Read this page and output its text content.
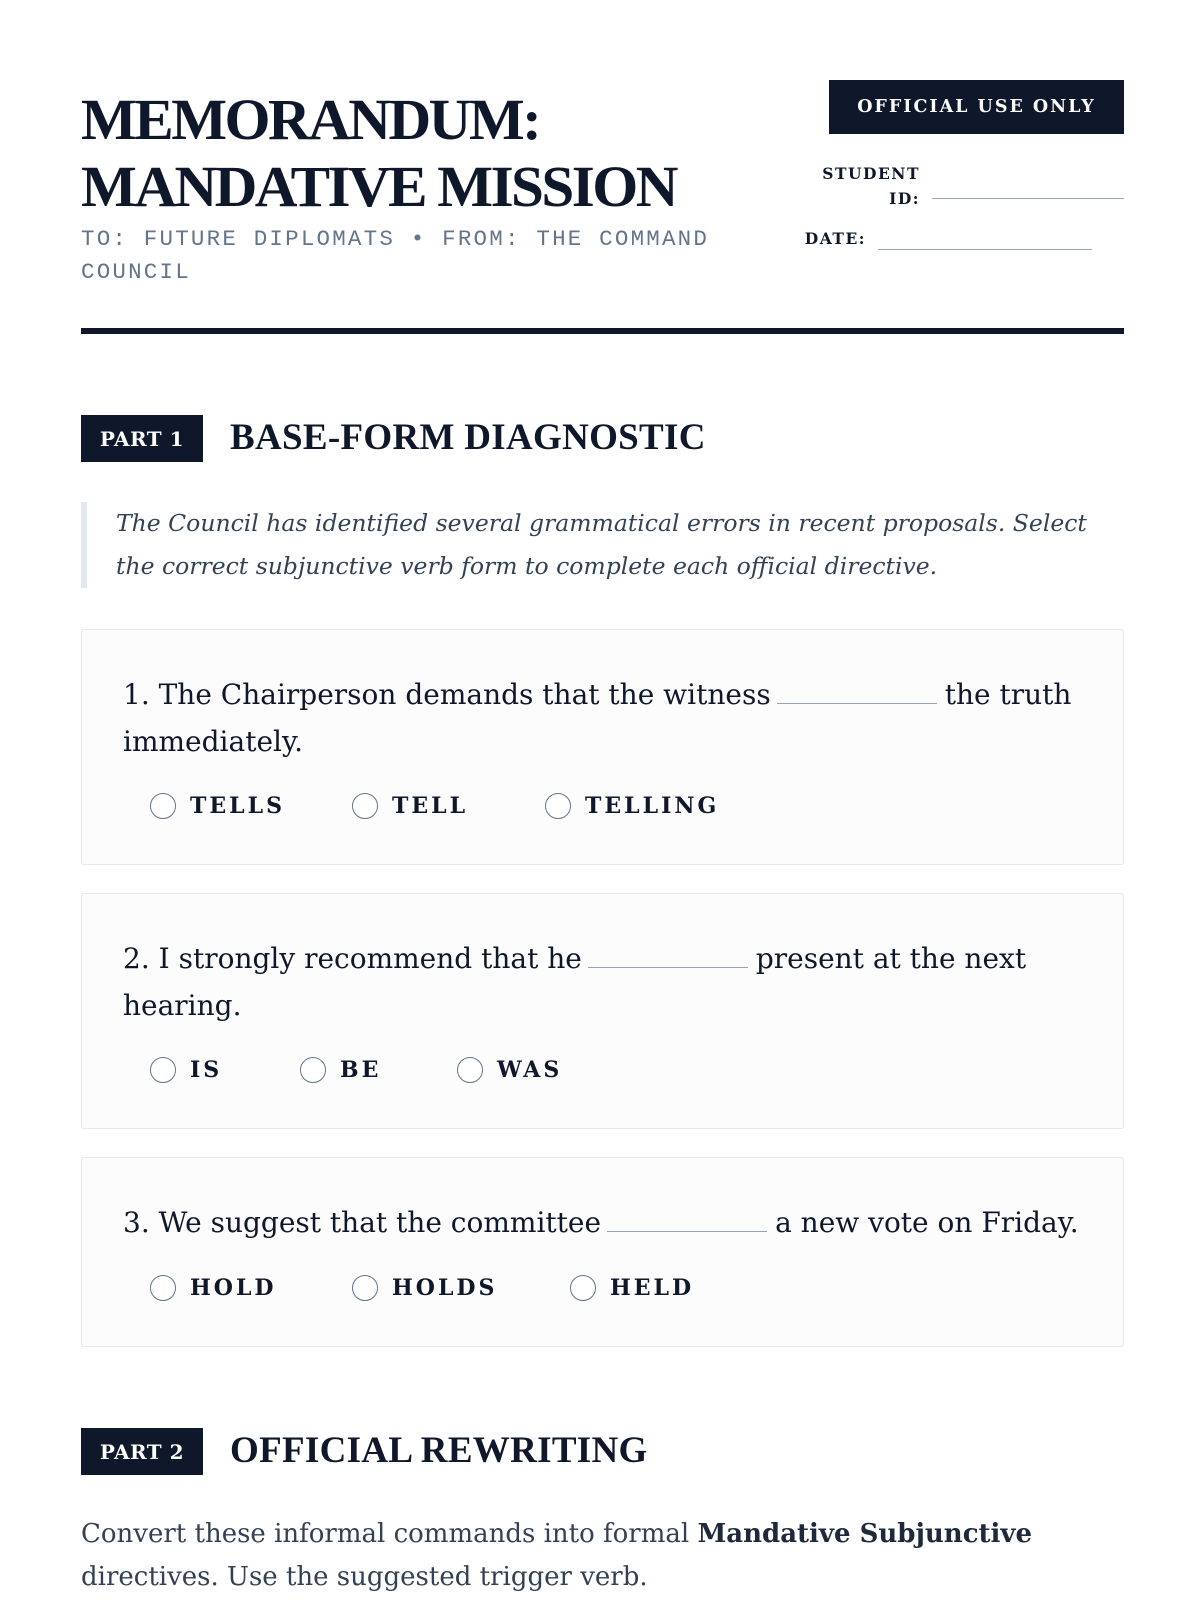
MEMORANDUM:
MANDATIVE MISSION
TO: FUTURE DIPLOMATS • FROM: THE COMMAND COUNCIL
OFFICIAL USE ONLY
STUDENT ID:
DATE:
PART 1	BASE-FORM DIAGNOSTIC
The Council has identified several grammatical errors in recent proposals. Select the correct subjunctive verb form to complete each official directive.
1. The Chairperson demands that the witness	the truth immediately.
TELLS	TELL	TELLING
2. I strongly recommend that he	present at the next hearing.
IS	BE	WAS
3. We suggest that the committee	a new vote on Friday.
HOLD	HOLDS	HELD
PART 2	OFFICIAL REWRITING
Convert these informal commands into formal Mandative Subjunctive directives. Use the suggested trigger verb.
